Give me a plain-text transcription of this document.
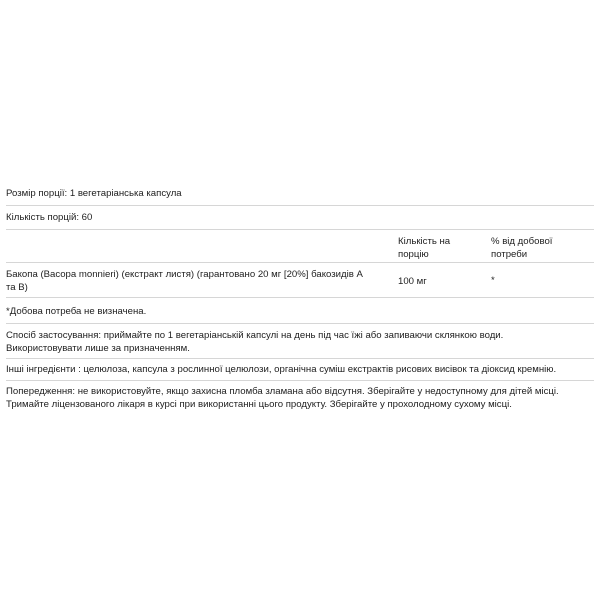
Розмір порції: 1 вегетаріанська капсула
Кількість порцій: 60
Кількість на
порцію
% від добової
потреби
Бакопа (Bacopa monnieri) (екстракт листя) (гарантовано 20 мг [20%] бакозидів А
та В)	100 мг	*
*Добова потреба не визначена.
Спосіб застосування: приймайте по 1 вегетаріанській капсулі на день під час їжі або запиваючи склянкою води.
Використовувати лише за призначенням.
Інші інгредієнти : целюлоза, капсула з рослинної целюлози, органічна суміш екстрактів рисових висівок та діоксид кремнію.
Попередження: не використовуйте, якщо захисна пломба зламана або відсутня. Зберігайте у недоступному для дітей місці.
Тримайте ліцензованого лікаря в курсі при використанні цього продукту. Зберігайте у прохолодному сухому місці.
